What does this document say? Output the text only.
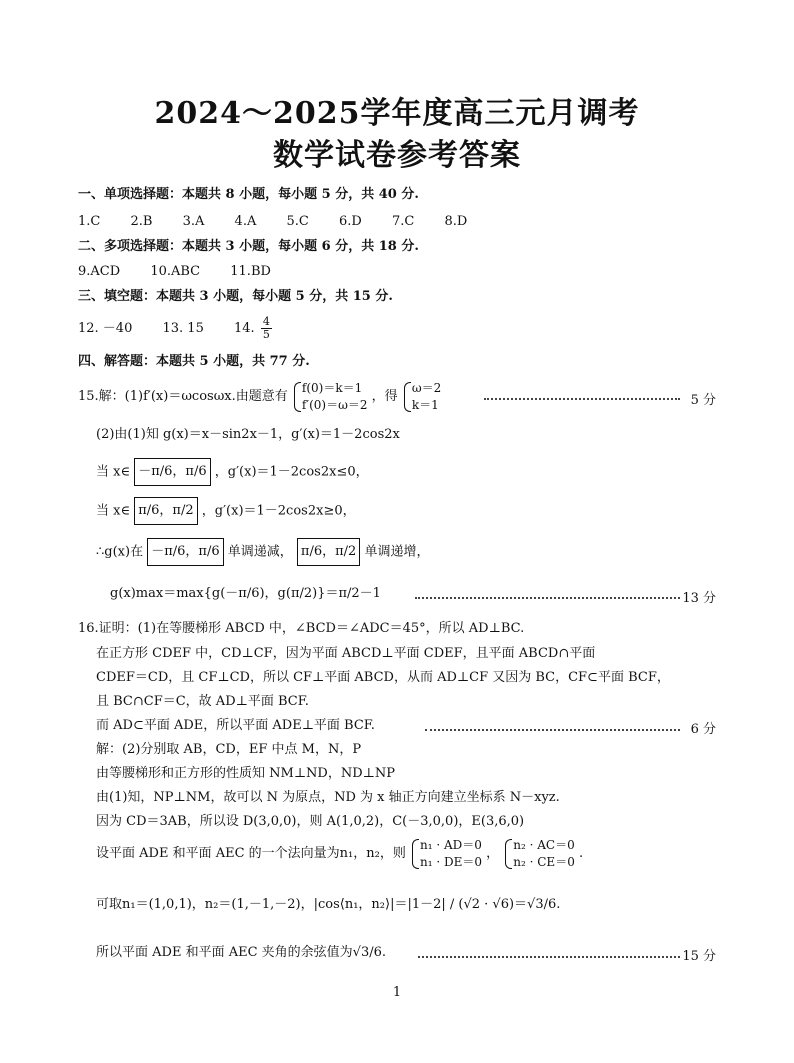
2024～2025学年度高三元月调考
数学试卷参考答案
一、单项选择题：本题共 8 小题，每小题 5 分，共 40 分.
1.C 2.B 3.A 4.A 5.C 6.D 7.C 8.D
二、多项选择题：本题共 3 小题，每小题 6 分，共 18 分.
9.ACD 10.ABC 11.BD
三、填空题：本题共 3 小题，每小题 5 分，共 15 分.
12. －40 13. 15 14. $\frac{4}{5}$
四、解答题：本题共 5 小题，共 77 分.
15.解：(1)f′(x)＝ωcosωx.由题意有
f(0)＝k＝1
f′(0)＝ω＝2
，得
ω＝2
k＝1	5 分
(2)由(1)知 g(x)＝x－sin2x－1，g′(x)＝1－2cos2x
当 x∈ －π/6，π/6 ，g′(x)＝1－2cos2x≤0，
当 x∈ π/6，π/2 ，g′(x)＝1－2cos2x≥0，
∴g(x)在 －π/6，π/6 单调递减， π/6，π/2 单调递增，
g(x)max＝max{g(－π/6)，g(π/2)}＝π/2－1	13 分
16.证明：(1)在等腰梯形 ABCD 中，∠BCD＝∠ADC＝45°，所以 AD⊥BC.
在正方形 CDEF 中，CD⊥CF，因为平面 ABCD⊥平面 CDEF，且平面 ABCD∩平面
CDEF＝CD，且 CF⊥CD，所以 CF⊥平面 ABCD，从而 AD⊥CF 又因为 BC，CF⊂平面 BCF，
且 BC∩CF＝C，故 AD⊥平面 BCF.
而 AD⊂平面 ADE，所以平面 ADE⊥平面 BCF.	6 分
解：(2)分别取 AB，CD，EF 中点 M，N，P
由等腰梯形和正方形的性质知 NM⊥ND，ND⊥NP
由(1)知，NP⊥NM，故可以 N 为原点，ND 为 x 轴正方向建立坐标系 N－xyz.
因为 CD＝3AB，所以设 D(3,0,0)，则 A(1,0,2)，C(－3,0,0)，E(3,6,0)
设平面 ADE 和平面 AEC 的一个法向量为n₁，n₂，则
n₁ · AD＝0
n₁ · DE＝0
，
n₂ · AC＝0
n₂ · CE＝0
.
可取n₁＝(1,0,1)，n₂＝(1,－1,－2)，|cos⟨n₁，n₂⟩|＝|1－2| / (√2 · √6)＝√3/6.
所以平面 ADE 和平面 AEC 夹角的余弦值为√3/6.	15 分
1
